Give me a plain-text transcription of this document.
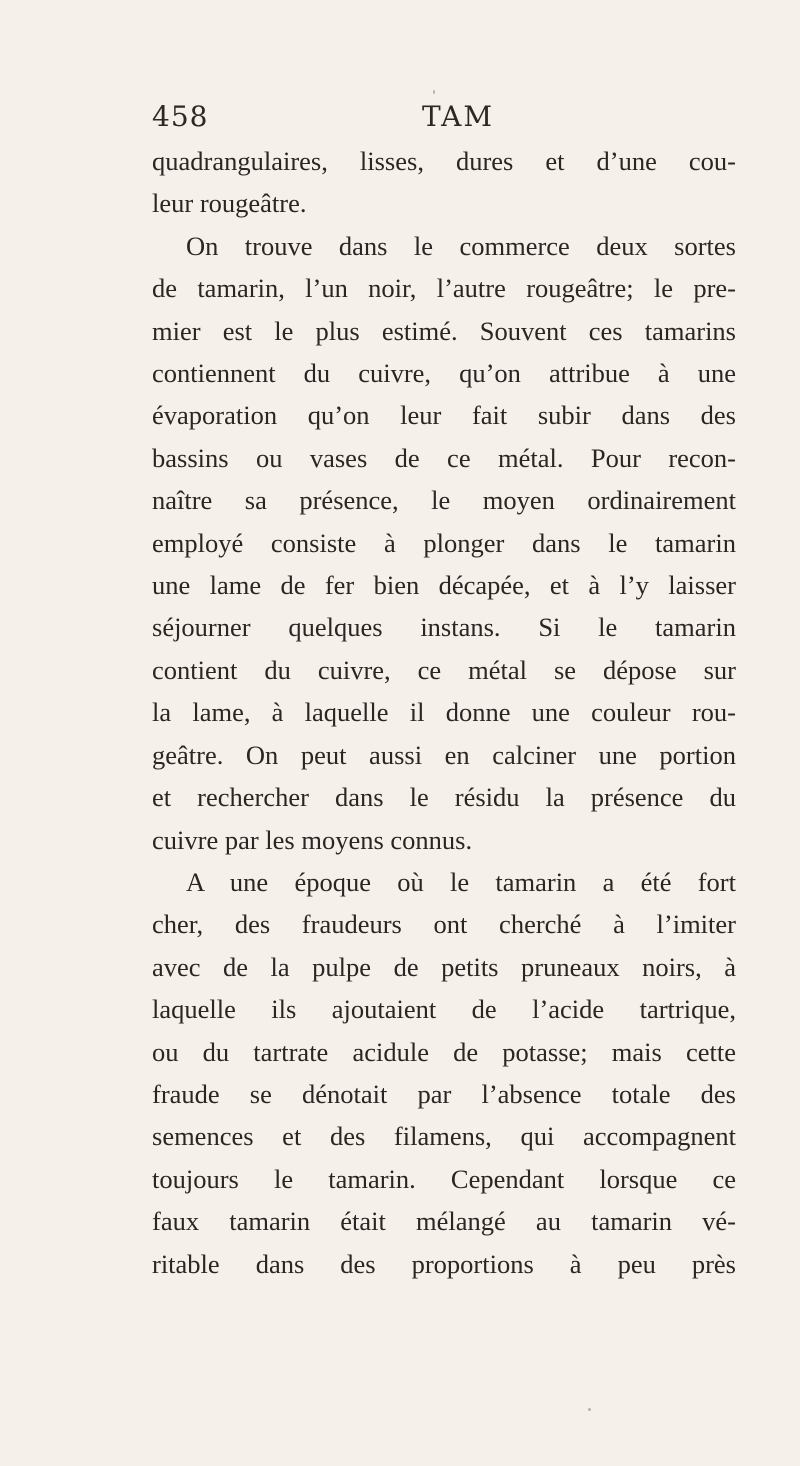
458	TAM
quadrangulaires, lisses, dures et d’une cou-
leur rougeâtre.
On trouve dans le commerce deux sortes
de tamarin, l’un noir, l’autre rougeâtre; le pre-
mier est le plus estimé. Souvent ces tamarins
contiennent du cuivre, qu’on attribue à une
évaporation qu’on leur fait subir dans des
bassins ou vases de ce métal. Pour recon-
naître sa présence, le moyen ordinairement
employé consiste à plonger dans le tamarin
une lame de fer bien décapée, et à l’y laisser
séjourner quelques instans. Si le tamarin
contient du cuivre, ce métal se dépose sur
la lame, à laquelle il donne une couleur rou-
geâtre. On peut aussi en calciner une portion
et rechercher dans le résidu la présence du
cuivre par les moyens connus.
A une époque où le tamarin a été fort
cher, des fraudeurs ont cherché à l’imiter
avec de la pulpe de petits pruneaux noirs, à
laquelle ils ajoutaient de l’acide tartrique,
ou du tartrate acidule de potasse; mais cette
fraude se dénotait par l’absence totale des
semences et des filamens, qui accompagnent
toujours le tamarin. Cependant lorsque ce
faux tamarin était mélangé au tamarin vé-
ritable dans des proportions à peu près
